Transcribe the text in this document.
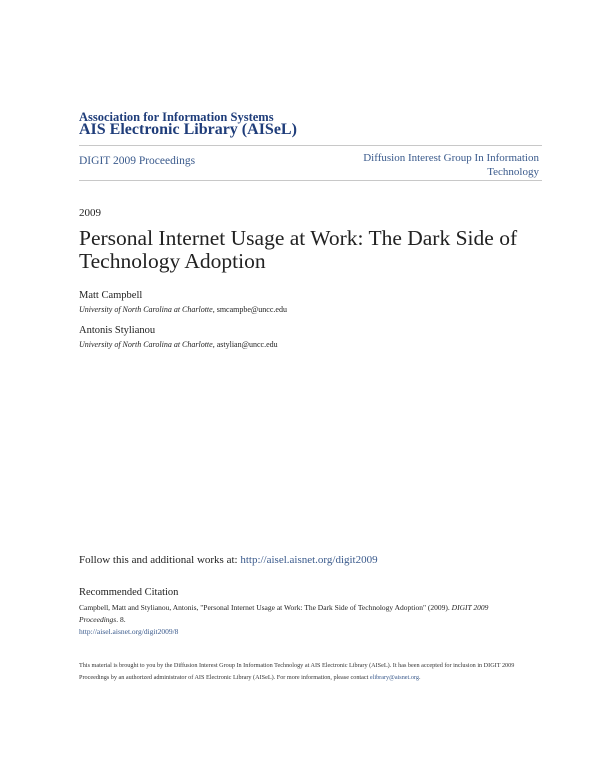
Association for Information Systems
AIS Electronic Library (AISeL)
DIGIT 2009 Proceedings	Diffusion Interest Group In Information
Technology
2009
Personal Internet Usage at Work: The Dark Side of
Technology Adoption
Matt Campbell
University of North Carolina at Charlotte, smcampbe@uncc.edu
Antonis Stylianou
University of North Carolina at Charlotte, astylian@uncc.edu
Follow this and additional works at: http://aisel.aisnet.org/digit2009
Recommended Citation
Campbell, Matt and Stylianou, Antonis, "Personal Internet Usage at Work: The Dark Side of Technology Adoption" (2009). DIGIT 2009 Proceedings. 8.
http://aisel.aisnet.org/digit2009/8
This material is brought to you by the Diffusion Interest Group In Information Technology at AIS Electronic Library (AISeL). It has been accepted for inclusion in DIGIT 2009 Proceedings by an authorized administrator of AIS Electronic Library (AISeL). For more information, please contact elibrary@aisnet.org.
